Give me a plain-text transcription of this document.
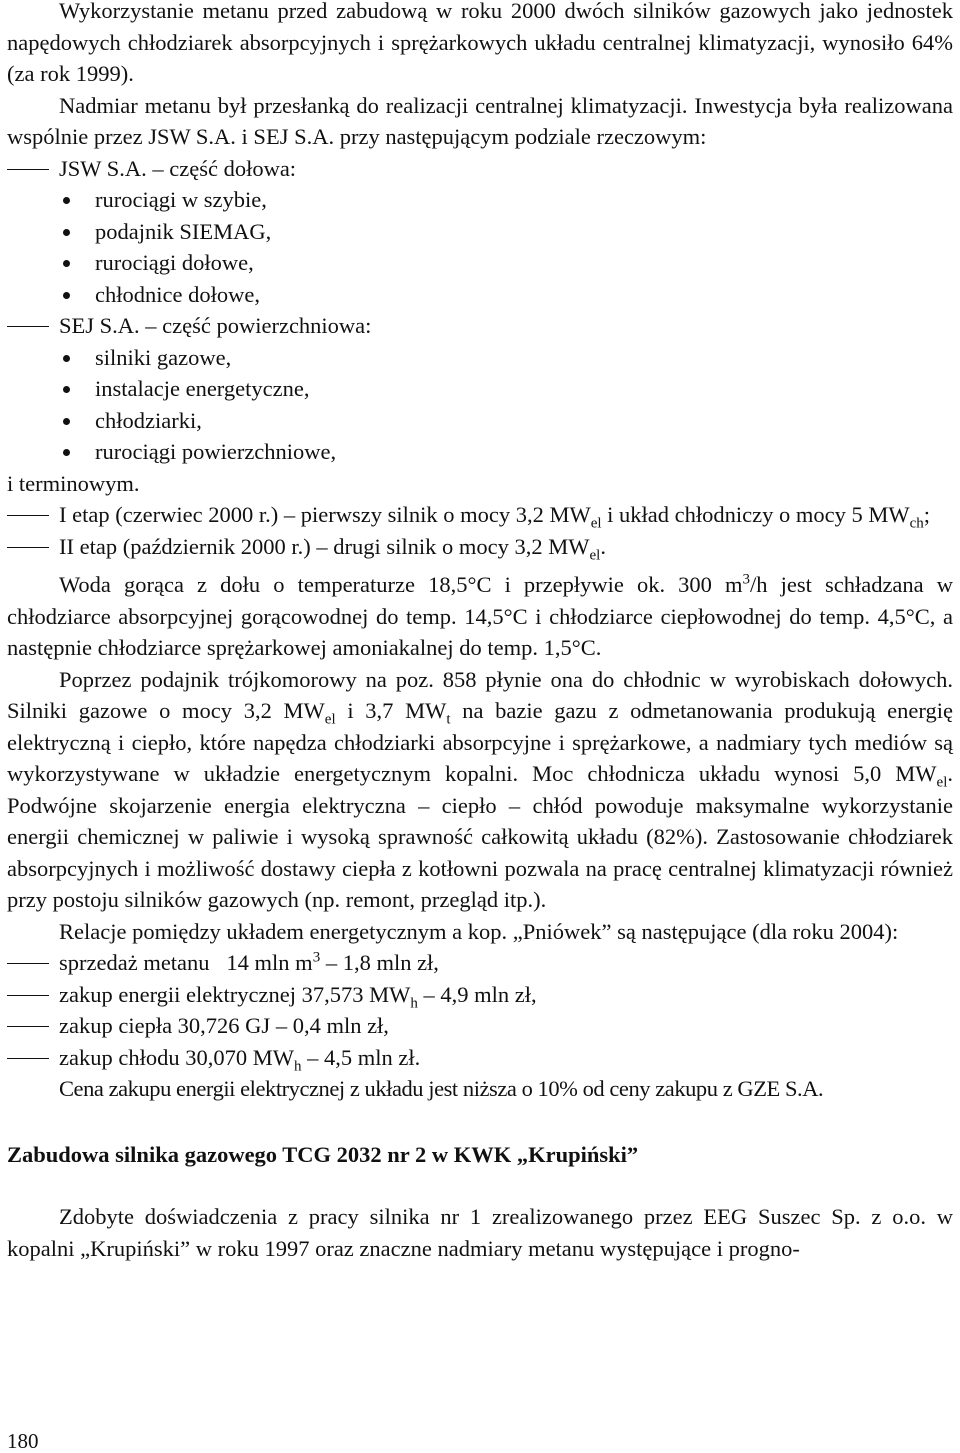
Wykorzystanie metanu przed zabudową w roku 2000 dwóch silników gazowych jako jednostek napędowych chłodziarek absorpcyjnych i sprężarkowych układu centralnej klimatyzacji, wynosiło 64% (za rok 1999).

Nadmiar metanu był przesłanką do realizacji centralnej klimatyzacji. Inwestycja była realizowana wspólnie przez JSW S.A. i SEJ S.A. przy następującym podziale rzeczowym:

JSW S.A. – część dołowa:
rurociągi w szybie,
podajnik SIEMAG,
rurociągi dołowe,
chłodnice dołowe,
SEJ S.A. – część powierzchniowa:
silniki gazowe,
instalacje energetyczne,
chłodziarki,
rurociągi powierzchniowe,

i terminowym.

I etap (czerwiec 2000 r.) – pierwszy silnik o mocy 3,2 $MW_{el}$ i układ chłodniczy o mocy 5 $MW_{ch}$;
II etap (październik 2000 r.) – drugi silnik o mocy 3,2 $MW_{el}$.

Woda gorąca z dołu o temperaturze 18,5°C i przepływie ok. 300 $m^3/h$ jest schładzana w chłodziarce absorpcyjnej gorącowodnej do temp. 14,5°C i chłodziarce ciepłowodnej do temp. 4,5°C, a następnie chłodziarce sprężarkowej amoniakalnej do temp. 1,5°C.

Poprzez podajnik trójkomorowy na poz. 858 płynie ona do chłodnic w wyrobiskach dołowych. Silniki gazowe o mocy 3,2 $MW_{el}$ i 3,7 $MW_t$ na bazie gazu z odmetanowania produkują energię elektryczną i ciepło, które napędza chłodziarki absorpcyjne i sprężarkowe, a nadmiary tych mediów są wykorzystywane w układzie energetycznym kopalni. Moc chłodnicza układu wynosi 5,0 $MW_{el}$. Podwójne skojarzenie energia elektryczna – ciepło – chłód powoduje maksymalne wykorzystanie energii chemicznej w paliwie i wysoką sprawność całkowitą układu (82%). Zastosowanie chłodziarek absorpcyjnych i możliwość dostawy ciepła z kotłowni pozwala na pracę centralnej klimatyzacji również przy postoju silników gazowych (np. remont, przegląd itp.).

Relacje pomiędzy układem energetycznym a kop. „Pniówek” są następujące (dla roku 2004):

sprzedaż metanu   14 mln $m^3 - 1,8$ mln zł,
zakup energii elektrycznej 37,573 $MW_h - 4,9$ mln zł,
zakup ciepła 30,726 GJ – 0,4 mln zł,
zakup chłodu 30,070 $MW_h - 4,5$ mln zł.

Cena zakupu energii elektrycznej z układu jest niższa o 10% od ceny zakupu z GZE S.A.

Zabudowa silnika gazowego TCG 2032 nr 2 w KWK „Krupiński”

Zdobyte doświadczenia z pracy silnika nr 1 zrealizowanego przez EEG Suszec Sp. z o.o. w kopalni „Krupiński” w roku 1997 oraz znaczne nadmiary metanu występujące i progno-

180
